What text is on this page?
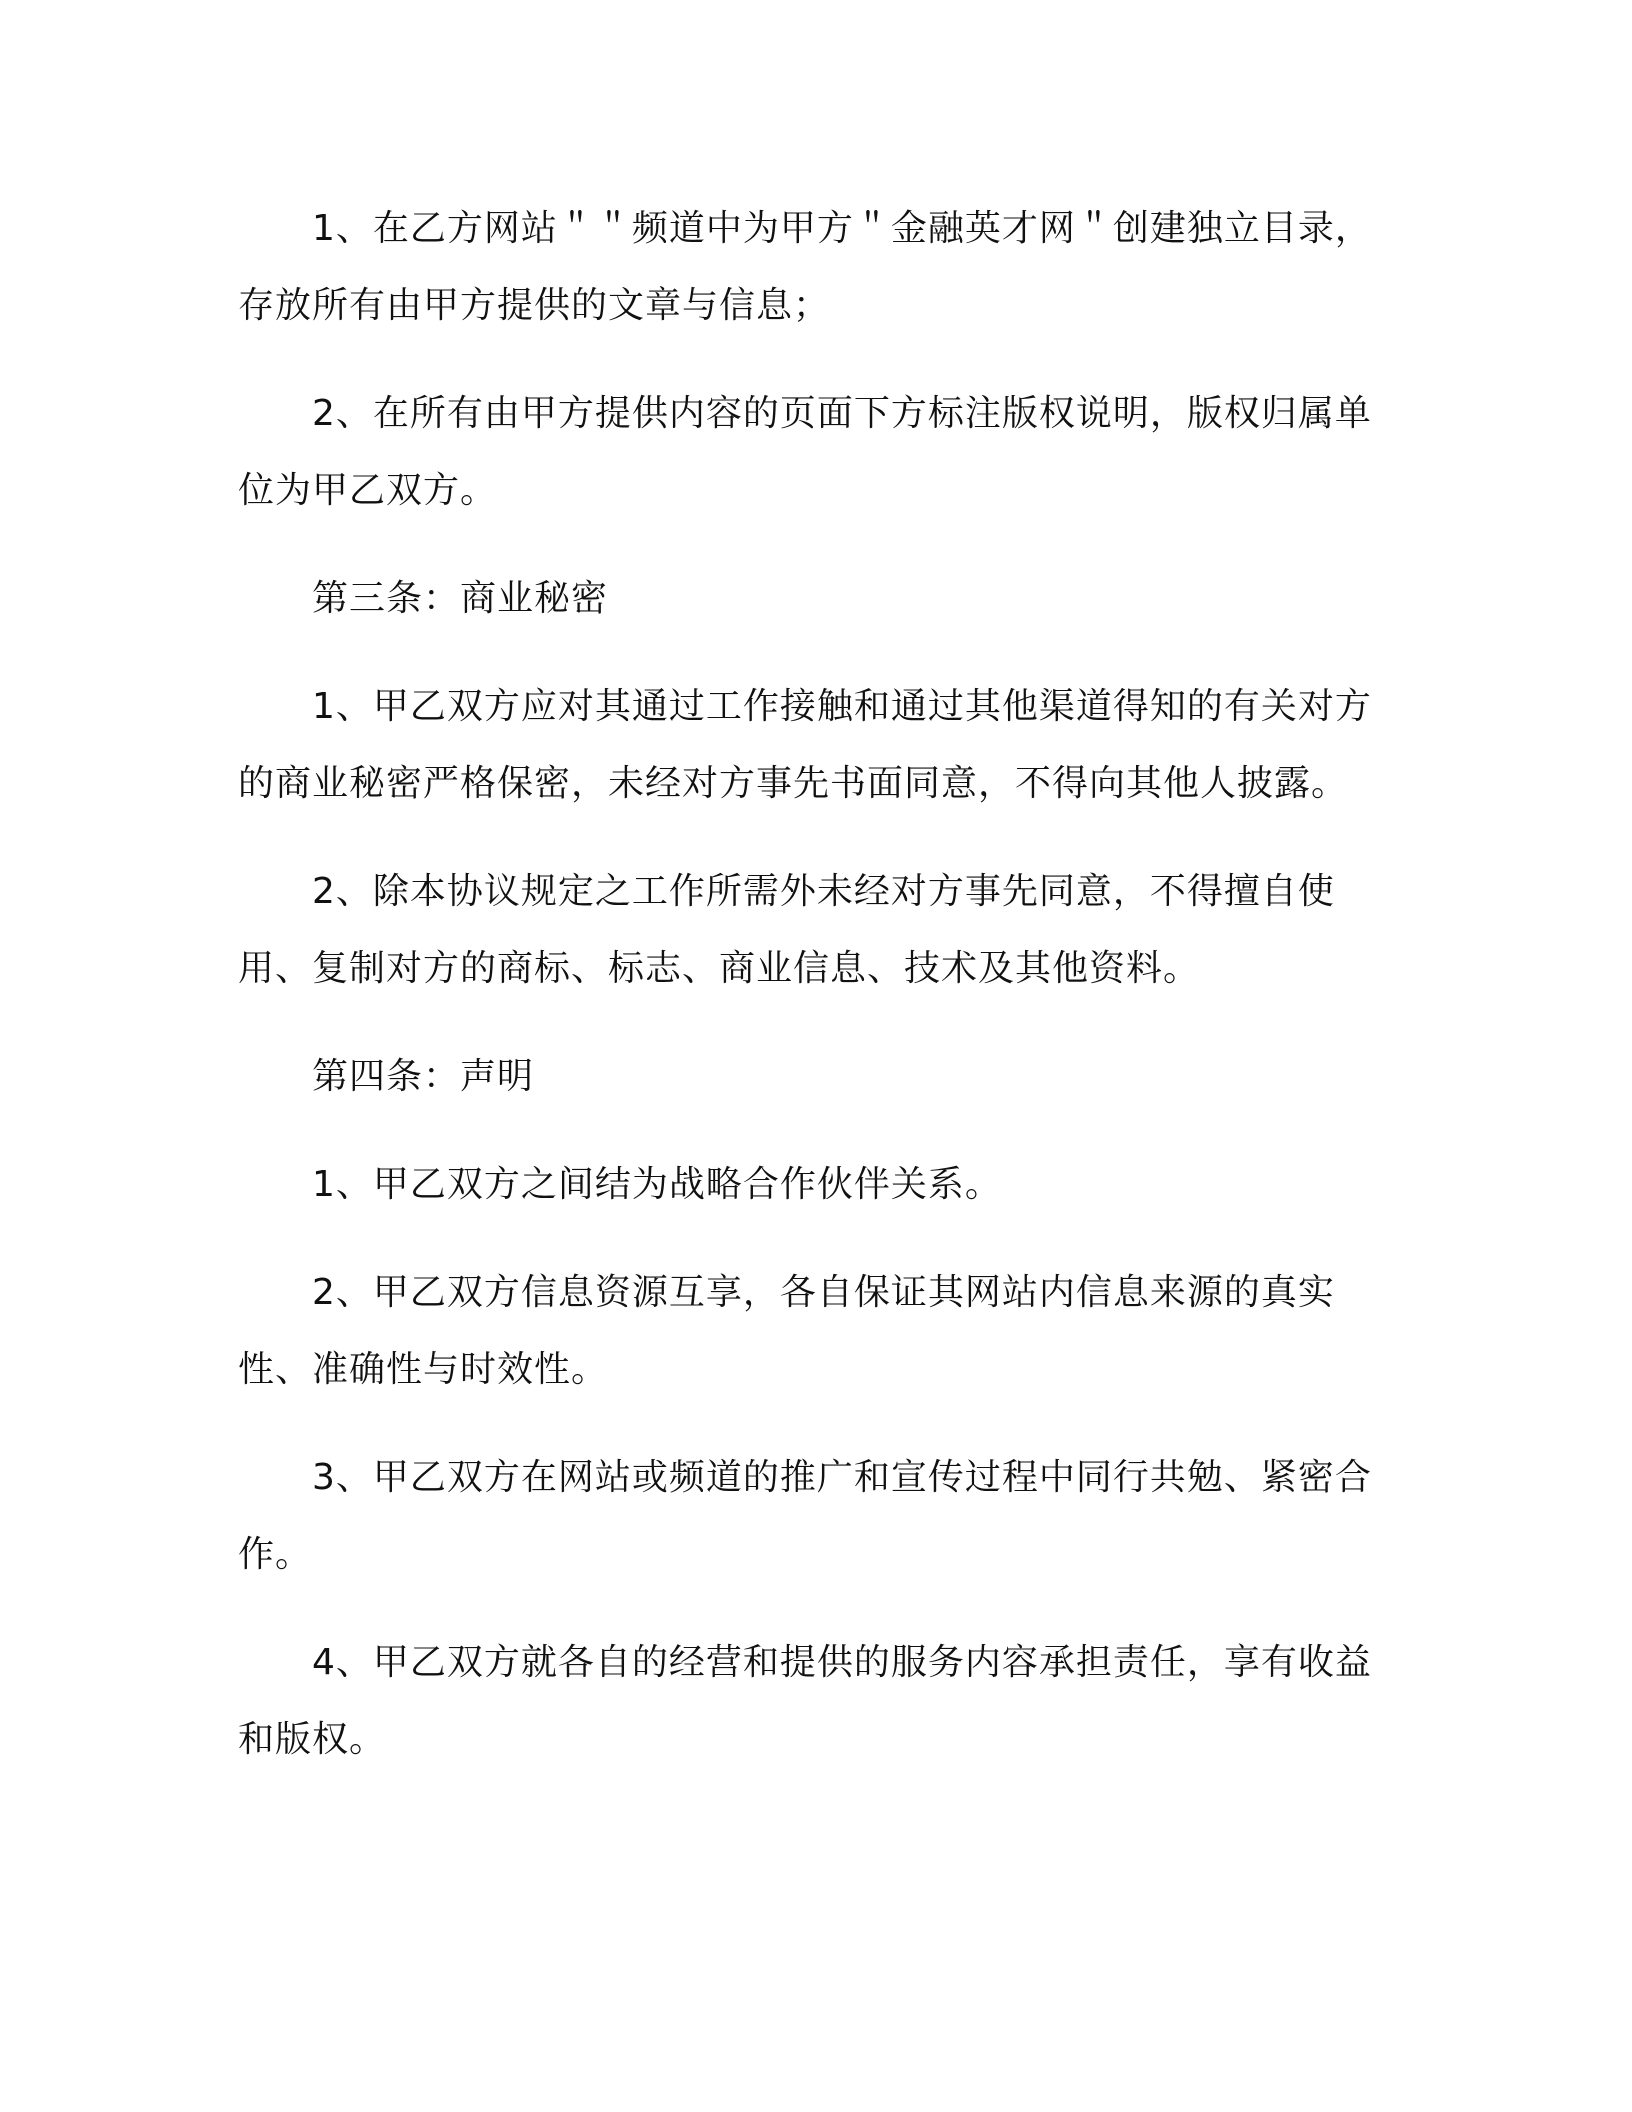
1、在乙方网站＂＂频道中为甲方＂金融英才网＂创建独立目录，存放所有由甲方提供的文章与信息；

2、在所有由甲方提供内容的页面下方标注版权说明，版权归属单位为甲乙双方。

第三条：商业秘密

1、甲乙双方应对其通过工作接触和通过其他渠道得知的有关对方的商业秘密严格保密，未经对方事先书面同意，不得向其他人披露。

2、除本协议规定之工作所需外未经对方事先同意，不得擅自使用、复制对方的商标、标志、商业信息、技术及其他资料。

第四条：声明

1、甲乙双方之间结为战略合作伙伴关系。

2、甲乙双方信息资源互享，各自保证其网站内信息来源的真实性、准确性与时效性。

3、甲乙双方在网站或频道的推广和宣传过程中同行共勉、紧密合作。

4、甲乙双方就各自的经营和提供的服务内容承担责任，享有收益和版权。
